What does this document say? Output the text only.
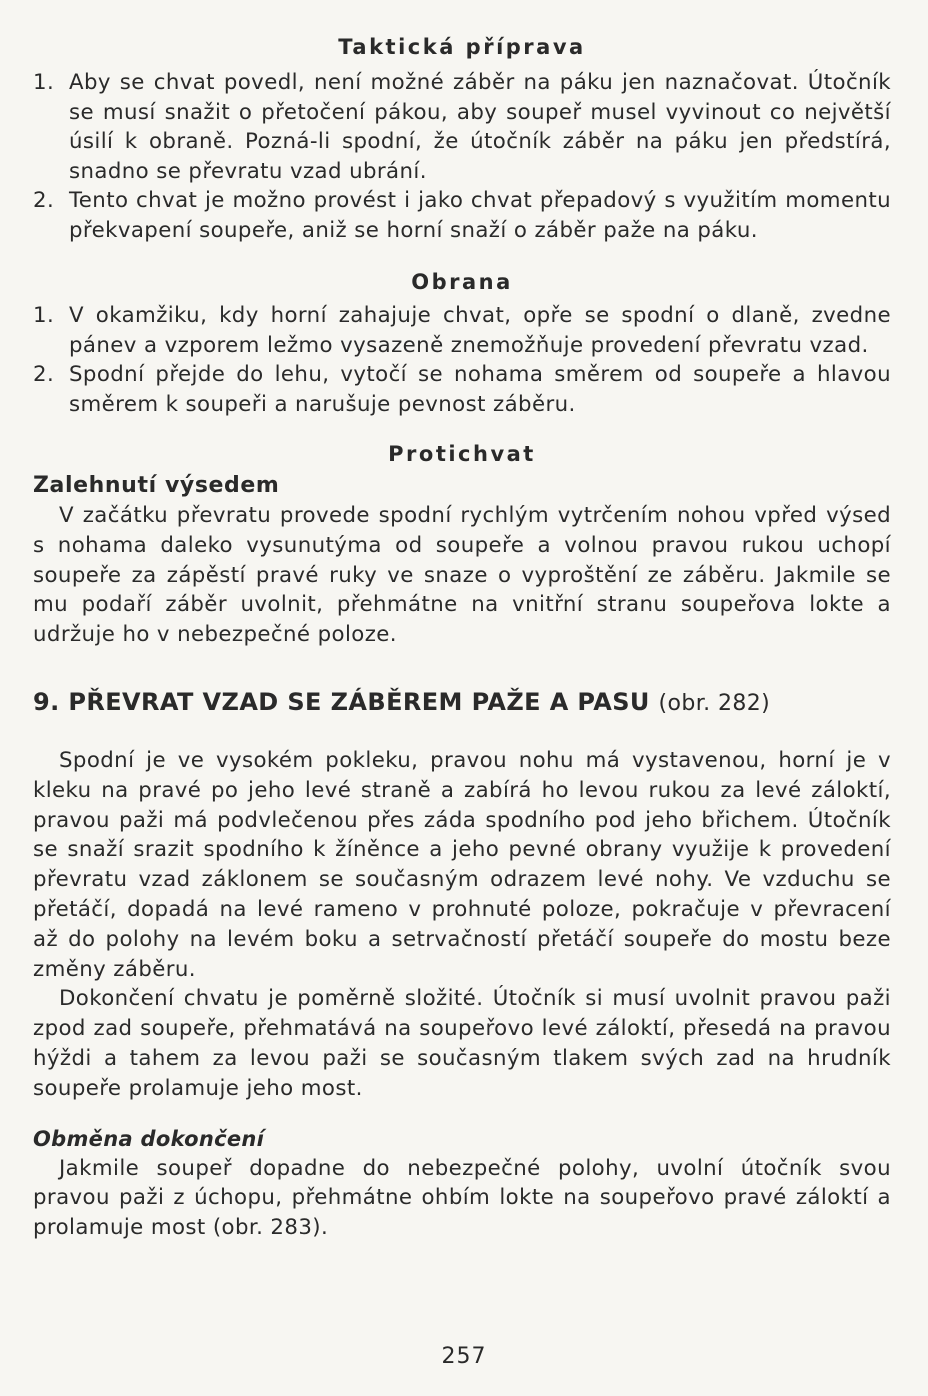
Taktická příprava
1. Aby se chvat povedl, není možné záběr na páku jen naznačovat. Útočník se musí snažit o přetočení pákou, aby soupeř musel vyvinout co největší úsilí k obraně. Pozná-li spodní, že útočník záběr na páku jen předstírá, snadno se převratu vzad ubrání.
2. Tento chvat je možno provést i jako chvat přepadový s využitím momentu překvapení soupeře, aniž se horní snaží o záběr paže na páku.
Obrana
1. V okamžiku, kdy horní zahajuje chvat, opře se spodní o dlaně, zvedne pánev a vzporem ležmo vysazeně znemožňuje provedení převratu vzad.
2. Spodní přejde do lehu, vytočí se nohama směrem od soupeře a hlavou směrem k soupeři a narušuje pevnost záběru.
Protichvat
Zalehnutí výsedem

V začátku převratu provede spodní rychlým vytrčením nohou vpřed výsed s nohama daleko vysunutýma od soupeře a volnou pravou rukou uchopí soupeře za zápěstí pravé ruky ve snaze o vyproštění ze záběru. Jakmile se mu podaří záběr uvolnit, přehmátne na vnitřní stranu soupeřova lokte a udržuje ho v nebezpečné poloze.

9. PŘEVRAT VZAD SE ZÁBĚREM PAŽE A PASU (obr. 282)

Spodní je ve vysokém pokleku, pravou nohu má vystavenou, horní je v kleku na pravé po jeho levé straně a zabírá ho levou rukou za levé záloktí, pravou paži má podvlečenou přes záda spodního pod jeho břichem. Útočník se snaží srazit spodního k žíněnce a jeho pevné obrany využije k provedení převratu vzad záklonem se současným odrazem levé nohy. Ve vzduchu se přetáčí, dopadá na levé rameno v prohnuté poloze, pokračuje v převracení až do polohy na levém boku a setrvačností přetáčí soupeře do mostu beze změny záběru.

Dokončení chvatu je poměrně složité. Útočník si musí uvolnit pravou paži zpod zad soupeře, přehmatává na soupeřovo levé záloktí, přesedá na pravou hýždi a tahem za levou paži se současným tlakem svých zad na hrudník soupeře prolamuje jeho most.

Obměna dokončení

Jakmile soupeř dopadne do nebezpečné polohy, uvolní útočník svou pravou paži z úchopu, přehmátne ohbím lokte na soupeřovo pravé záloktí a prolamuje most (obr. 283).

257
